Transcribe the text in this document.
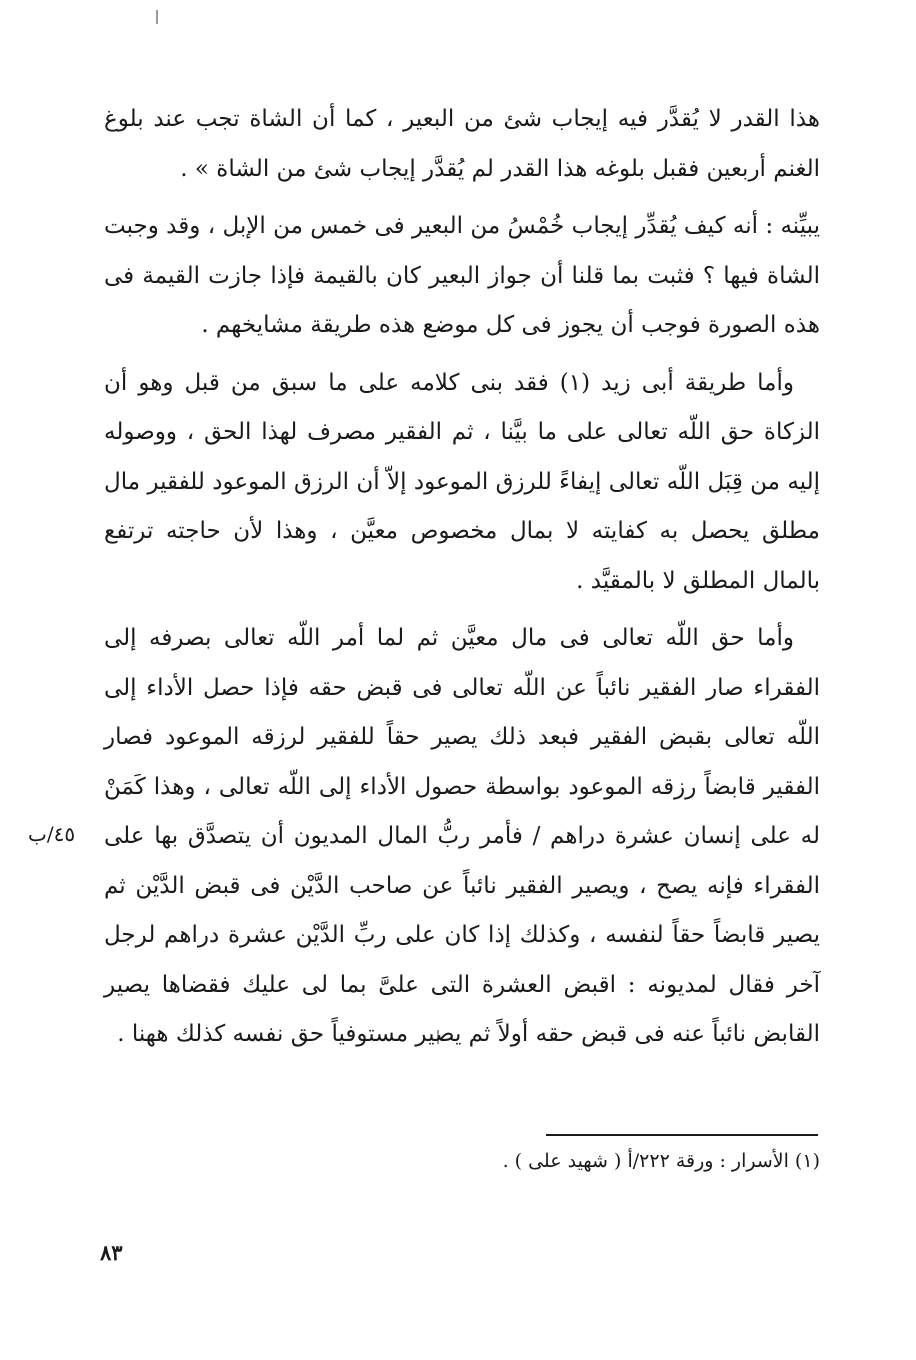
هذا القدر لا يُقدَّر فيه إيجاب شئ من البعير ، كما أن الشاة تجب عند بلوغ الغنم أربعين فقبل بلوغه هذا القدر لم يُقدَّر إيجاب شئ من الشاة » .

يبيِّنه : أنه كيف يُقدِّر إيجاب خُمْسُ من البعير فى خمس من الإبل ، وقد وجبت الشاة فيها ؟ فثبت بما قلنا أن جواز البعير كان بالقيمة فإذا جازت القيمة فى هذه الصورة فوجب أن يجوز فى كل موضع هذه طريقة مشايخهم .

وأما طريقة أبى زيد (١) فقد بنى كلامه على ما سبق من قبل وهو أن الزكاة حق اللّه تعالى على ما بيَّنا ، ثم الفقير مصرف لهذا الحق ، ووصوله إليه من قِبَل اللّه تعالى إيفاءً للرزق الموعود إلاّ أن الرزق الموعود للفقير مال مطلق يحصل به كفايته لا بمال مخصوص معيَّن ، وهذا لأن حاجته ترتفع بالمال المطلق لا بالمقيَّد .

وأما حق اللّه تعالى فى مال معيَّن ثم لما أمر اللّه تعالى بصرفه إلى الفقراء صار الفقير نائباً عن اللّه تعالى فى قبض حقه فإذا حصل الأداء إلى اللّه تعالى بقبض الفقير فبعد ذلك يصير حقاً للفقير لرزقه الموعود فصار الفقير قابضاً رزقه الموعود بواسطة حصول الأداء إلى اللّه تعالى ، وهذا كَمَنْ له على إنسان عشرة دراهم / فأمر ربُّ المال المديون أن يتصدَّق بها على الفقراء فإنه يصح ، ويصير الفقير نائباً عن صاحب الدَّيْن فى قبض الدَّيْن ثم يصير قابضاً حقاً لنفسه ، وكذلك إذا كان على ربِّ الدَّيْن عشرة دراهم لرجل آخر فقال لمديونه : اقبض العشرة التى علىَّ بما لى عليك فقضاها يصير القابض نائباً عنه فى قبض حقه أولاً ثم يصير مستوفياً حق نفسه كذلك ههنا .

٤٥/ب
(١) الأسرار : ورقة ٢٢٢/أ ( شهيد على ) .
٨٣
